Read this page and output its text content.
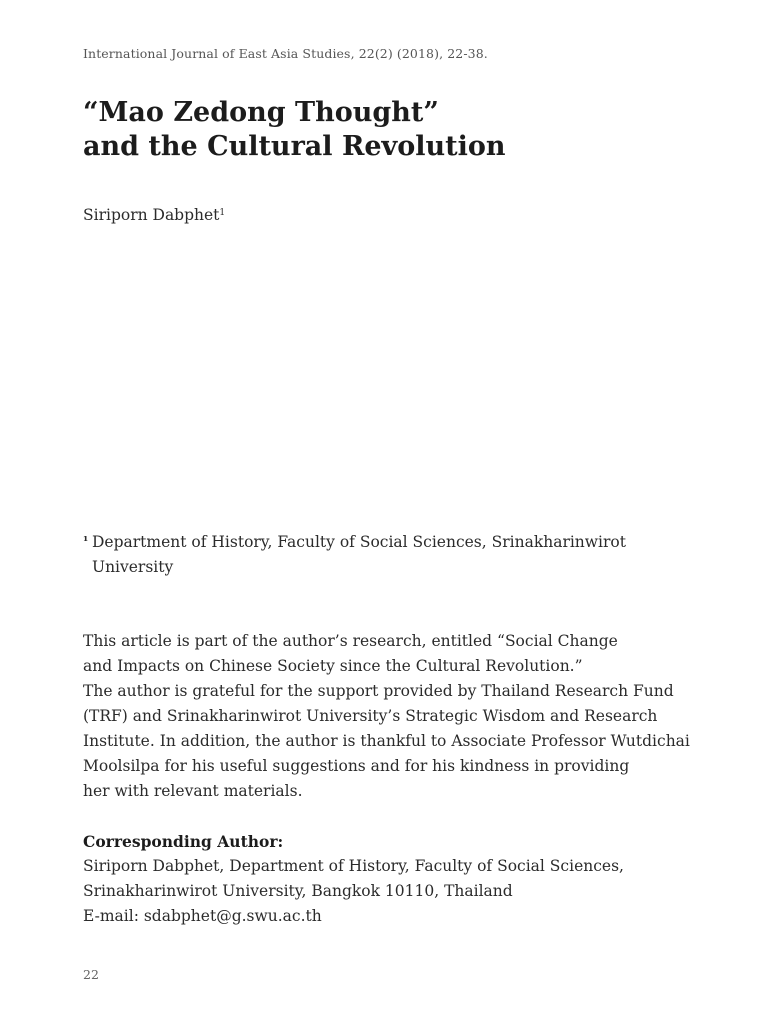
International Journal of East Asia Studies, 22(2) (2018), 22-38.
“Mao Zedong Thought”
and the Cultural Revolution
Siriporn Dabphet$^1$
¹ Department of History, Faculty of Social Sciences, Srinakharinwirot University
This article is part of the author’s research, entitled “Social Change
and Impacts on Chinese Society since the Cultural Revolution.”
The author is grateful for the support provided by Thailand Research Fund
(TRF) and Srinakharinwirot University’s Strategic Wisdom and Research
Institute. In addition, the author is thankful to Associate Professor Wutdichai
Moolsilpa for his useful suggestions and for his kindness in providing
her with relevant materials.
Corresponding Author:
Siriporn Dabphet, Department of History, Faculty of Social Sciences,
Srinakharinwirot University, Bangkok 10110, Thailand
E-mail: sdabphet@g.swu.ac.th
22
